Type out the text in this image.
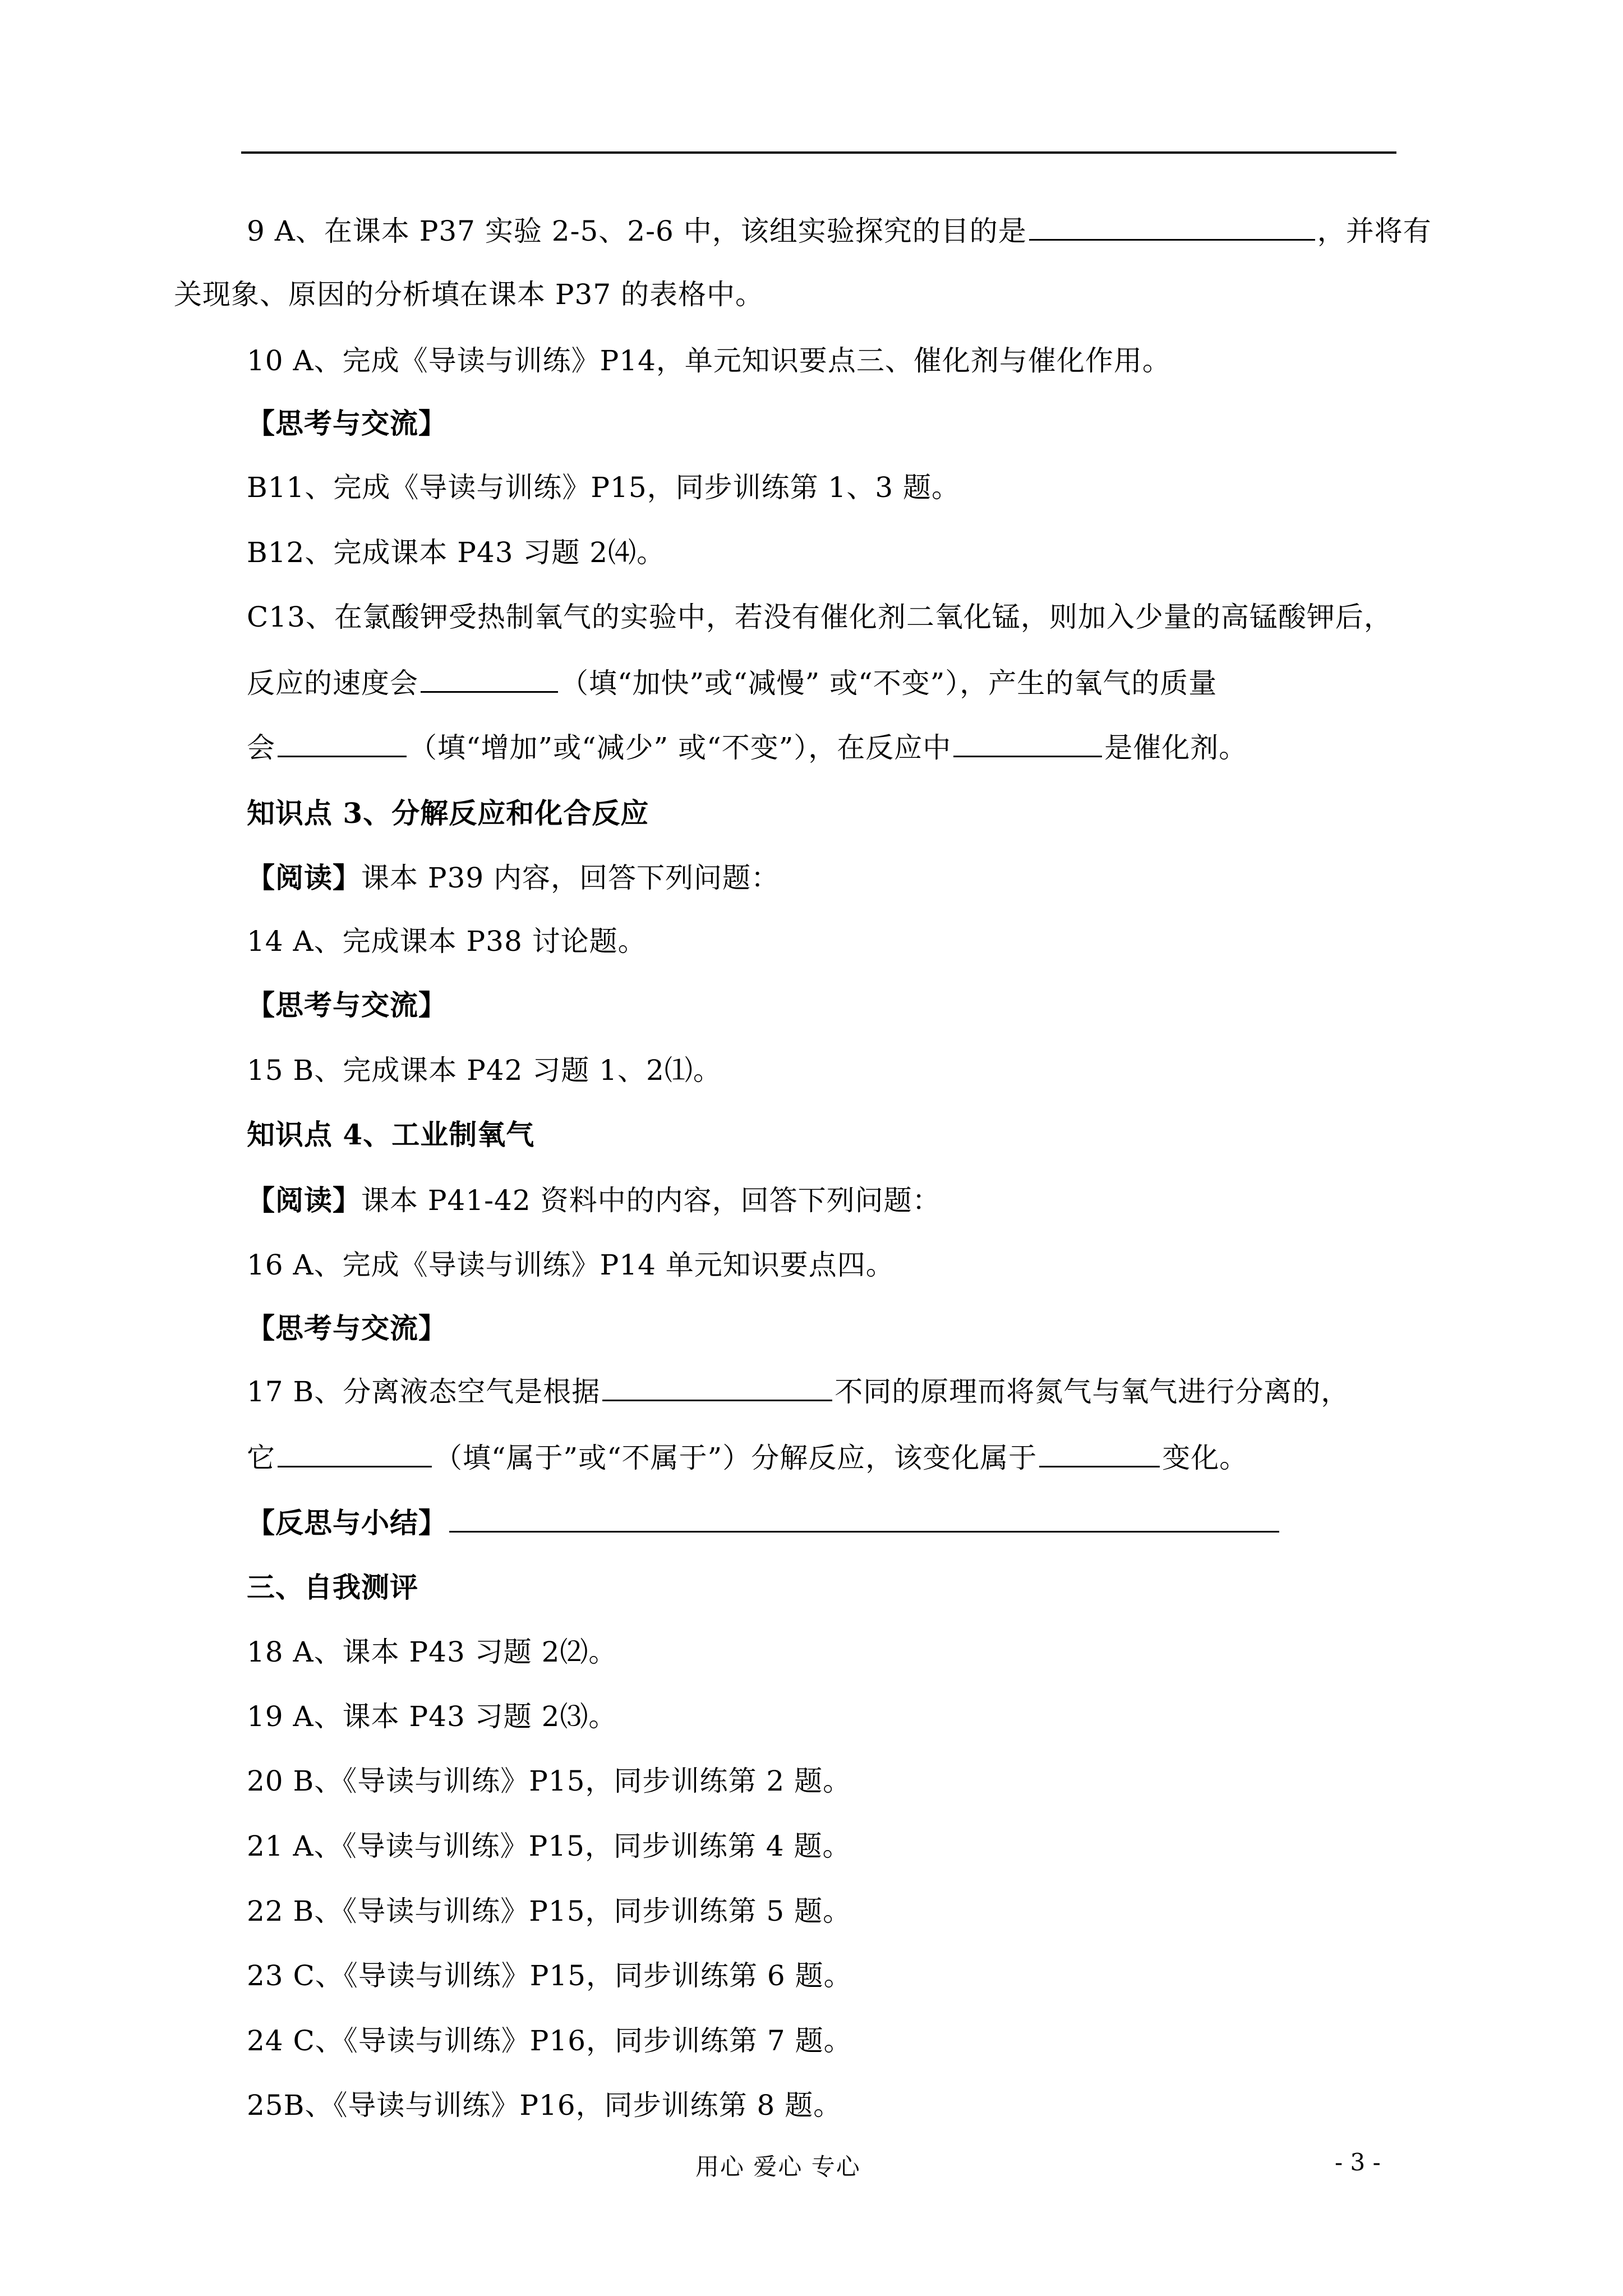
9 A、在课本 P37 实验 2-5、2-6 中，该组实验探究的目的是	，并将有
关现象、原因的分析填在课本 P37 的表格中。
10 A、完成《导读与训练》P14，单元知识要点三、催化剂与催化作用。
【思考与交流】
B11、完成《导读与训练》P15，同步训练第 1、3 题。
B12、完成课本 P43 习题 2⑷。
C13、在氯酸钾受热制氧气的实验中，若没有催化剂二氧化锰，则加入少量的高锰酸钾后，
反应的速度会	（填“加快”或“减慢” 或“不变”），产生的氧气的质量
会	（填“增加”或“减少” 或“不变”），在反应中	是催化剂。
知识点 3、分解反应和化合反应
【阅读】课本 P39 内容，回答下列问题：
14 A、完成课本 P38 讨论题。
【思考与交流】
15 B、完成课本 P42 习题 1、2⑴。
知识点 4、工业制氧气
【阅读】课本 P41-42 资料中的内容，回答下列问题：
16 A、完成《导读与训练》P14 单元知识要点四。
【思考与交流】
17 B、分离液态空气是根据	不同的原理而将氮气与氧气进行分离的，
它	（填“属于”或“不属于”）分解反应，该变化属于	变化。
【反思与小结】
三、自我测评
18 A、课本 P43 习题 2⑵。
19 A、课本 P43 习题 2⑶。
20 B、《导读与训练》P15，同步训练第 2 题。
21 A、《导读与训练》P15，同步训练第 4 题。
22 B、《导读与训练》P15，同步训练第 5 题。
23 C、《导读与训练》P15，同步训练第 6 题。
24 C、《导读与训练》P16，同步训练第 7 题。
25B、《导读与训练》P16，同步训练第 8 题。
用心 爱心 专心	- 3 -
